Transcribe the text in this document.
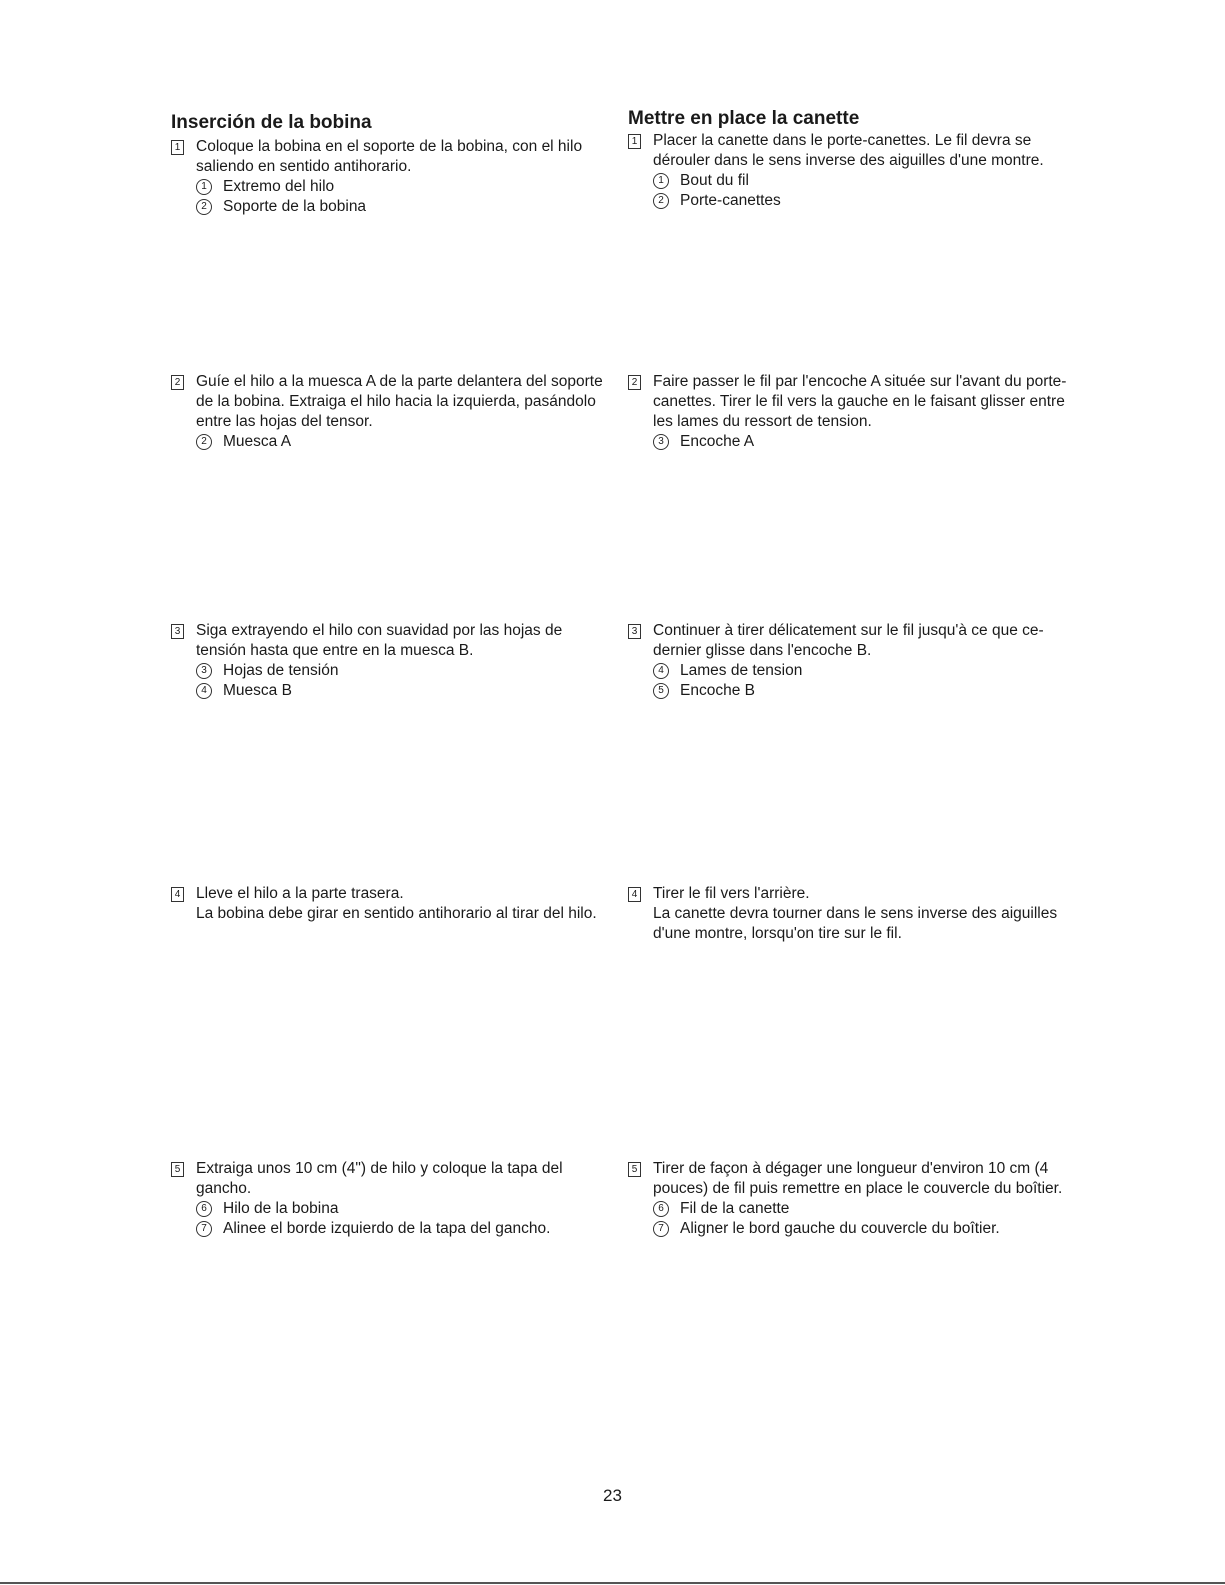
Inserción de la bobina
1 Coloque la bobina en el soporte de la bobina, con el hilo saliendo en sentido antihorario.
1	Extremo del hilo
2	Soporte de la bobina
2 Guíe el hilo a la muesca A de la parte delantera del soporte de la bobina. Extraiga el hilo hacia la izquierda, pasándolo entre las hojas del tensor.
2	Muesca A
3 Siga extrayendo el hilo con suavidad por las hojas de tensión hasta que entre en la muesca B.
3	Hojas de tensión
4	Muesca B
4 Lleve el hilo a la parte trasera.
La bobina debe girar en sentido antihorario al tirar del hilo.
5 Extraiga unos 10 cm (4") de hilo y coloque la tapa del gancho.
6	Hilo de la bobina
7	Alinee el borde izquierdo de la tapa del gancho.
Mettre en place la canette
1 Placer la canette dans le porte-canettes. Le fil devra se dérouler dans le sens inverse des aiguilles d'une montre.
1	Bout du fil
2	Porte-canettes
2 Faire passer le fil par l'encoche A située sur l'avant du porte-canettes. Tirer le fil vers la gauche en le faisant glisser entre les lames du ressort de tension.
3	Encoche A
3 Continuer à tirer délicatement sur le fil jusqu'à ce que ce-dernier glisse dans l'encoche B.
4	Lames de tension
5	Encoche B
4 Tirer le fil vers l'arrière.
La canette devra tourner dans le sens inverse des aiguilles d'une montre, lorsqu'on tire sur le fil.
5 Tirer de façon à dégager une longueur d'environ 10 cm (4 pouces) de fil puis remettre en place le couvercle du boîtier.
6	Fil de la canette
7	Aligner le bord gauche du couvercle du boîtier.
23
